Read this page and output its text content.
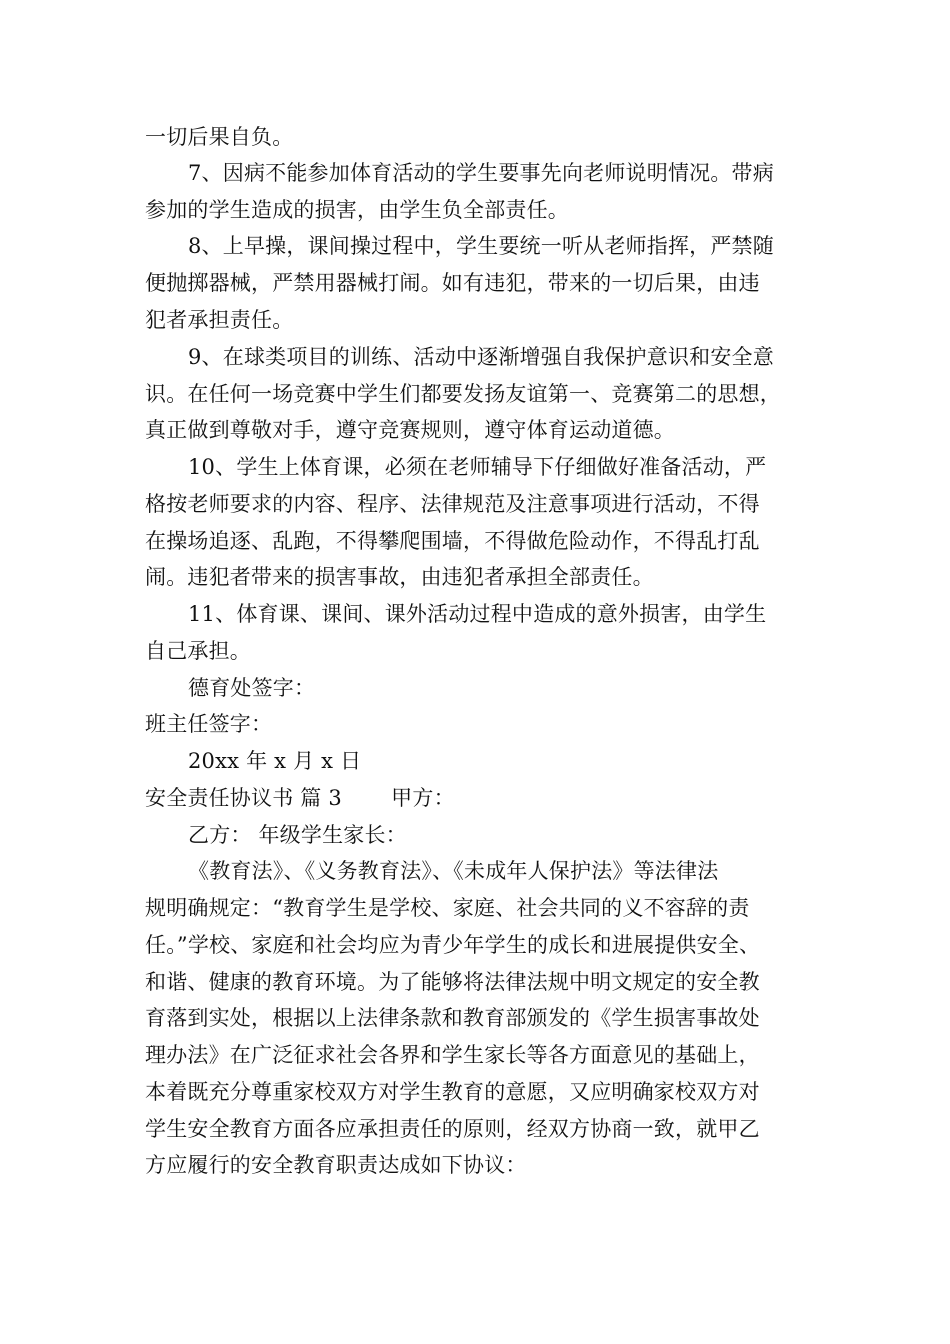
一切后果自负。
7、因病不能参加体育活动的学生要事先向老师说明情况。带病
参加的学生造成的损害，由学生负全部责任。
8、上早操，课间操过程中，学生要统一听从老师指挥，严禁随
便抛掷器械，严禁用器械打闹。如有违犯，带来的一切后果，由违
犯者承担责任。
9、在球类项目的训练、活动中逐渐增强自我保护意识和安全意
识。在任何一场竞赛中学生们都要发扬友谊第一、竞赛第二的思想，
真正做到尊敬对手，遵守竞赛规则，遵守体育运动道德。
10、学生上体育课，必须在老师辅导下仔细做好准备活动，严
格按老师要求的内容、程序、法律规范及注意事项进行活动，不得
在操场追逐、乱跑，不得攀爬围墙，不得做危险动作，不得乱打乱
闹。违犯者带来的损害事故，由违犯者承担全部责任。
11、体育课、课间、课外活动过程中造成的意外损害，由学生
自己承担。
德育处签字：
班主任签字：
20xx 年 x 月 x 日
安全责任协议书 篇 3　　 甲方：
乙方： 年级学生家长：
《教育法》、《义务教育法》、《未成年人保护法》等法律法
规明确规定：“教育学生是学校、家庭、社会共同的义不容辞的责
任。”学校、家庭和社会均应为青少年学生的成长和进展提供安全、
和谐、健康的教育环境。为了能够将法律法规中明文规定的安全教
育落到实处，根据以上法律条款和教育部颁发的《学生损害事故处
理办法》在广泛征求社会各界和学生家长等各方面意见的基础上，
本着既充分尊重家校双方对学生教育的意愿，又应明确家校双方对
学生安全教育方面各应承担责任的原则，经双方协商一致，就甲乙
方应履行的安全教育职责达成如下协议：
